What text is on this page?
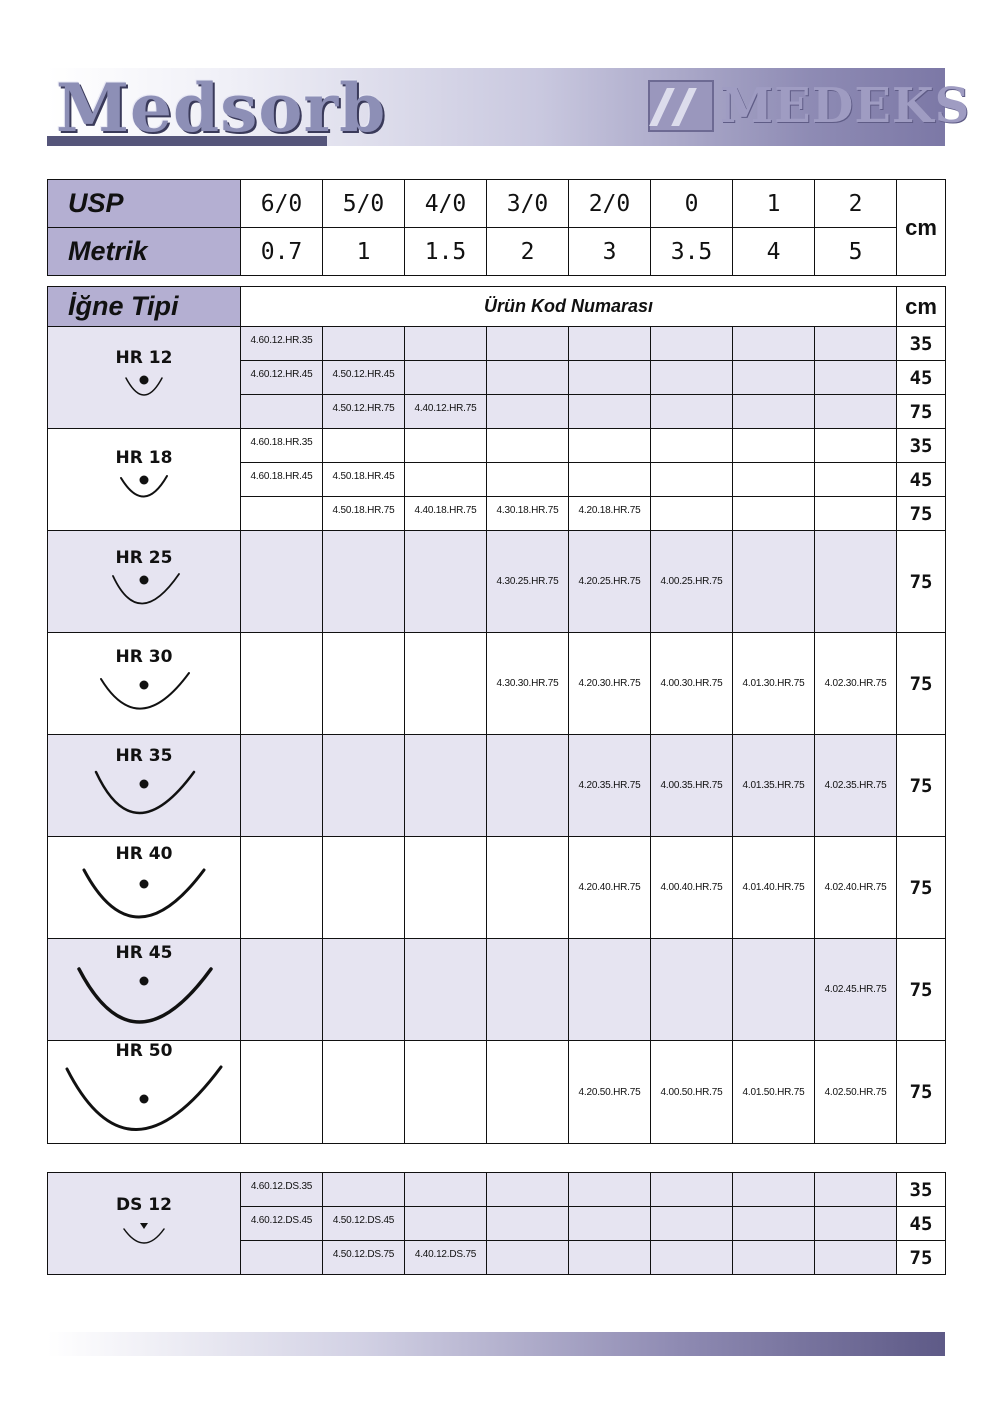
Medsorb	MEDEKS
USP	6/0	5/0	4/0	3/0	2/0	0	1	2	cm
Metrik	0.7	1	1.5	2	3	3.5	4	5	
İğne Tipi	Ürün Kod Numarası								cm

HR 12	4.60.12.HR.35								35
	4.60.12.HR.45	4.50.12.HR.45							45
		4.50.12.HR.75	4.40.12.HR.75						75

HR 18	4.60.18.HR.35								35
	4.60.18.HR.45	4.50.18.HR.45							45
		4.50.18.HR.75	4.40.18.HR.75	4.30.18.HR.75	4.20.18.HR.75				75

HR 25				4.30.25.HR.75	4.20.25.HR.75	4.00.25.HR.75			75

HR 30				4.30.30.HR.75	4.20.30.HR.75	4.00.30.HR.75	4.01.30.HR.75	4.02.30.HR.75	75

HR 35					4.20.35.HR.75	4.00.35.HR.75	4.01.35.HR.75	4.02.35.HR.75	75

HR 40					4.20.40.HR.75	4.00.40.HR.75	4.01.40.HR.75	4.02.40.HR.75	75

HR 45								4.02.45.HR.75	75

HR 50					4.20.50.HR.75	4.00.50.HR.75	4.01.50.HR.75	4.02.50.HR.75	75
DS 12	4.60.12.DS.35								35
	4.60.12.DS.45	4.50.12.DS.45							45
		4.50.12.DS.75	4.40.12.DS.75						75
